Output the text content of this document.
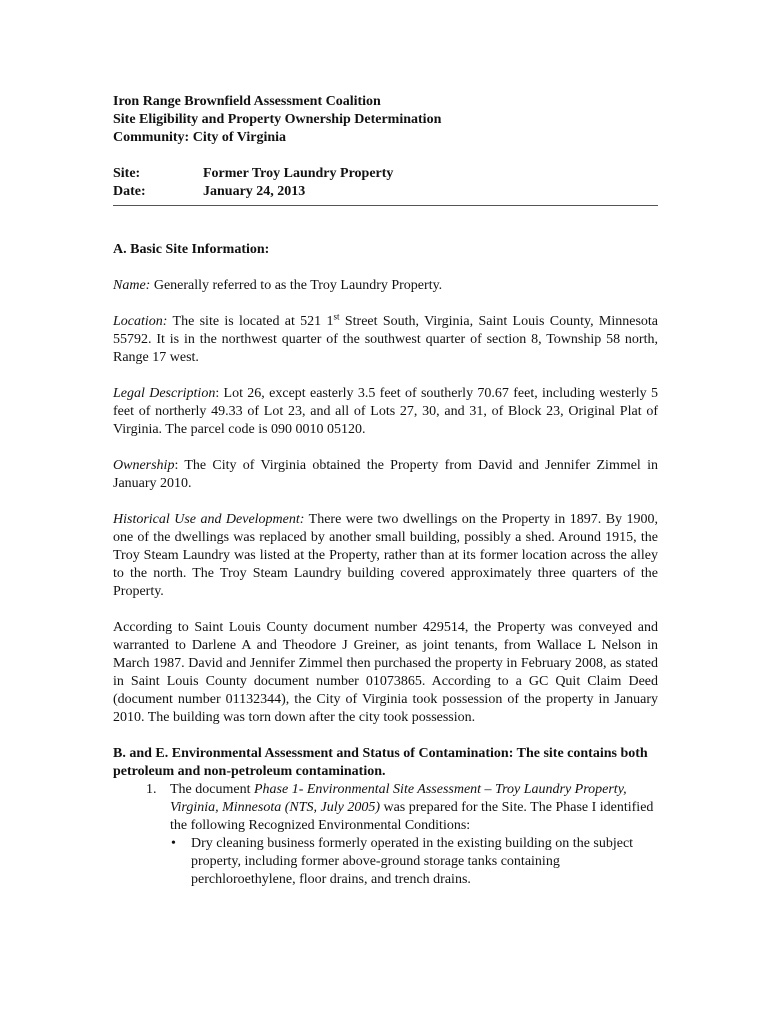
Iron Range Brownfield Assessment Coalition
Site Eligibility and Property Ownership Determination
Community: City of Virginia
Site:	Former Troy Laundry Property
Date:	January 24, 2013
A. Basic Site Information:

Name: Generally referred to as the Troy Laundry Property.

Location: The site is located at 521 1st Street South, Virginia, Saint Louis County, Minnesota 55792. It is in the northwest quarter of the southwest quarter of section 8, Township 58 north, Range 17 west.

Legal Description: Lot 26, except easterly 3.5 feet of southerly 70.67 feet, including westerly 5 feet of northerly 49.33 of Lot 23, and all of Lots 27, 30, and 31, of Block 23, Original Plat of Virginia. The parcel code is 090 0010 05120.

Ownership: The City of Virginia obtained the Property from David and Jennifer Zimmel in January 2010.

Historical Use and Development: There were two dwellings on the Property in 1897. By 1900, one of the dwellings was replaced by another small building, possibly a shed. Around 1915, the Troy Steam Laundry was listed at the Property, rather than at its former location across the alley to the north. The Troy Steam Laundry building covered approximately three quarters of the Property.

According to Saint Louis County document number 429514, the Property was conveyed and warranted to Darlene A and Theodore J Greiner, as joint tenants, from Wallace L Nelson in March 1987. David and Jennifer Zimmel then purchased the property in February 2008, as stated in Saint Louis County document number 01073865. According to a GC Quit Claim Deed (document number 01132344), the City of Virginia took possession of the property in January 2010. The building was torn down after the city took possession.

B. and E. Environmental Assessment and Status of Contamination: The site contains both petroleum and non-petroleum contamination.

1. The document Phase 1- Environmental Site Assessment – Troy Laundry Property, Virginia, Minnesota (NTS, July 2005) was prepared for the Site. The Phase I identified the following Recognized Environmental Conditions:
•	Dry cleaning business formerly operated in the existing building on the subject property, including former above-ground storage tanks containing perchloroethylene, floor drains, and trench drains.
